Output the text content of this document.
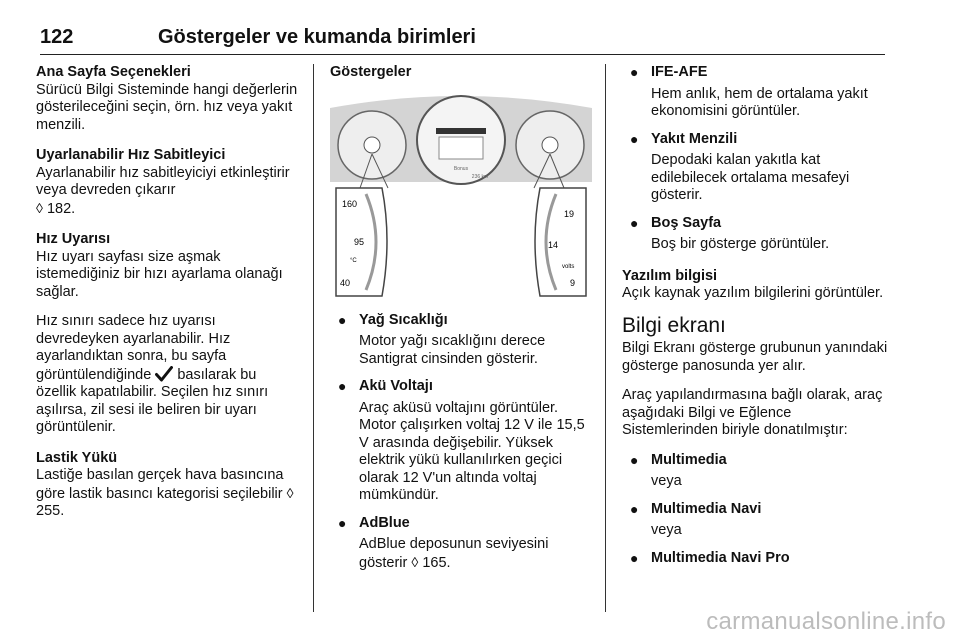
122	Göstergeler ve kumanda birimleri
Ana Sayfa Seçenekleri
Sürücü Bilgi Sisteminde hangi değerlerin gösterileceğini seçin, örn. hız veya yakıt menzili.
Uyarlanabilir Hız Sabitleyici
Ayarlanabilir hız sabitleyiciyi etkinleştirir veya devreden çıkarır
◊ 182.
Hız Uyarısı

Hız uyarı sayfası size aşmak istemediğiniz bir hızı ayarlama olanağı sağlar.

Hız sınırı sadece hız uyarısı devredeyken ayarlanabilir. Hız ayarlandıktan sonra, bu sayfa görüntülendiğinde basılarak bu özellik kapatılabilir. Seçilen hız sınırı aşılırsa, zil sesi ile beliren bir uyarı görüntülenir.
Lastik Yükü
Lastiğe basılan gerçek hava basıncına göre lastik basıncı kategorisi seçilebilir ◊ 255.
Göstergeler
Bonus
236 km
160
95
°C
40
19
14
volts
9
● Yağ Sıcaklığı
Motor yağı sıcaklığını derece Santigrat cinsinden gösterir.
● Akü Voltajı
Araç aküsü voltajını görüntüler. Motor çalışırken voltaj 12 V ile 15,5 V arasında değişebilir. Yüksek elektrik yükü kullanılırken geçici olarak 12 V'un altında voltaj mümkündür.
● AdBlue
AdBlue deposunun seviyesini gösterir ◊ 165.
● IFE-AFE
Hem anlık, hem de ortalama yakıt ekonomisini görüntüler.
● Yakıt Menzili
Depodaki kalan yakıtla kat edilebilecek ortalama mesafeyi gösterir.
● Boş Sayfa
Boş bir gösterge görüntüler.
Yazılım bilgisi
Açık kaynak yazılım bilgilerini görüntüler.
Bilgi ekranı

Bilgi Ekranı gösterge grubunun yanındaki gösterge panosunda yer alır.

Araç yapılandırmasına bağlı olarak, araç aşağıdaki Bilgi ve Eğlence Sistemlerinden biriyle donatılmıştır:

● Multimedia
veya
● Multimedia Navi
veya
● Multimedia Navi Pro
carmanualsonline.info
